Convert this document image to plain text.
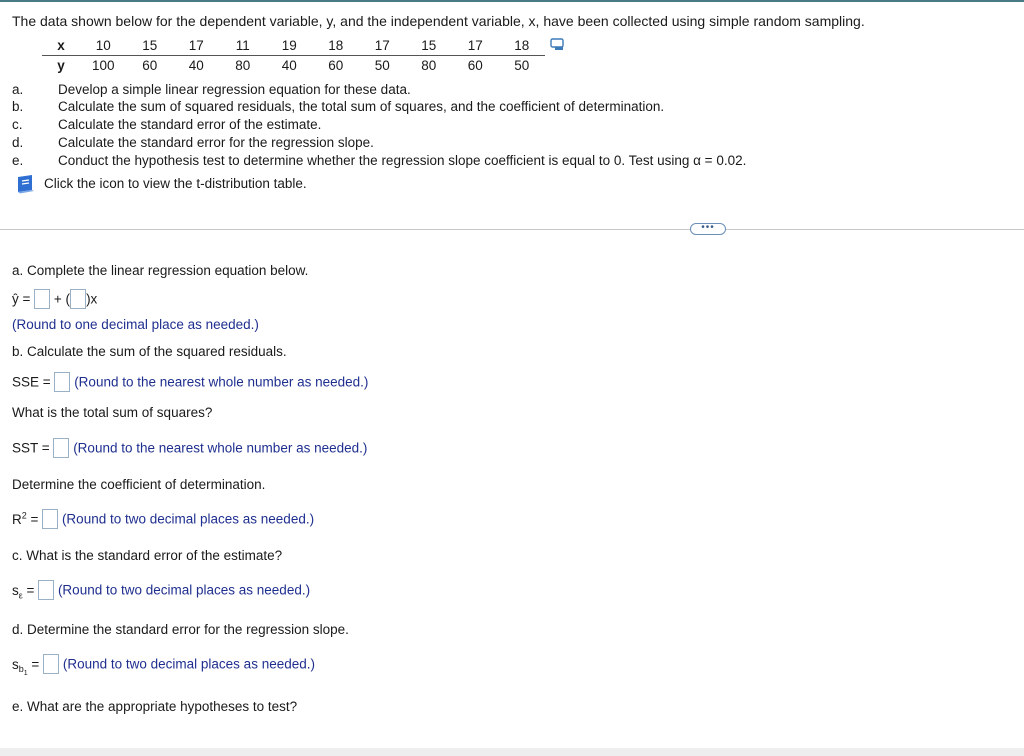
The data shown below for the dependent variable, y, and the independent variable, x, have been collected using simple random sampling.
x	10	15	17	11	19	18	17	15	17	18
y	100	60	40	80	40	60	50	80	60	50
a.	Develop a simple linear regression equation for these data.
b.	Calculate the sum of squared residuals, the total sum of squares, and the coefficient of determination.
c.	Calculate the standard error of the estimate.
d.	Calculate the standard error for the regression slope.
e.	Conduct the hypothesis test to determine whether the regression slope coefficient is equal to 0. Test using α = 0.02.
Click the icon to view the t-distribution table.
•••
a. Complete the linear regression equation below.
ŷ = + ( )x
(Round to one decimal place as needed.)
b. Calculate the sum of the squared residuals.
SSE = (Round to the nearest whole number as needed.)
What is the total sum of squares?
SST = (Round to the nearest whole number as needed.)
Determine the coefficient of determination.
$R^2$ = (Round to two decimal places as needed.)
c. What is the standard error of the estimate?
$s_\varepsilon$ = (Round to two decimal places as needed.)
d. Determine the standard error for the regression slope.
$s_{b_1}$ = (Round to two decimal places as needed.)
e. What are the appropriate hypotheses to test?
